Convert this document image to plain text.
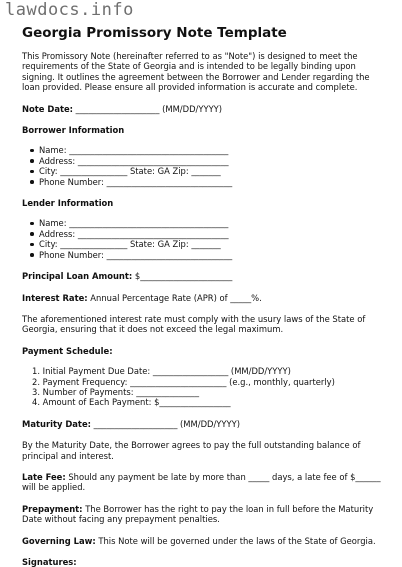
lawdocs.info
Georgia Promissory Note Template

This Promissory Note (hereinafter referred to as "Note") is designed to meet the requirements of the State of Georgia and is intended to be legally binding upon signing. It outlines the agreement between the Borrower and Lender regarding the loan provided. Please ensure all provided information is accurate and complete.

Note Date: ____________________ (MM/DD/YYYY)

Borrower Information

Name: ______________________________________
Address: ____________________________________
City: ________________ State: GA Zip: _______
Phone Number: ______________________________

Lender Information

Name: ______________________________________
Address: ____________________________________
City: ________________ State: GA Zip: _______
Phone Number: ______________________________

Principal Loan Amount: $______________________

Interest Rate: Annual Percentage Rate (APR) of _____%.

The aforementioned interest rate must comply with the usury laws of the State of Georgia, ensuring that it does not exceed the legal maximum.

Payment Schedule:

1. Initial Payment Due Date: __________________ (MM/DD/YYYY)
2. Payment Frequency: _______________________ (e.g., monthly, quarterly)
3. Number of Payments: _______________
4. Amount of Each Payment: $_________________

Maturity Date: ____________________ (MM/DD/YYYY)

By the Maturity Date, the Borrower agrees to pay the full outstanding balance of principal and interest.

Late Fee: Should any payment be late by more than _____ days, a late fee of $______ will be applied.

Prepayment: The Borrower has the right to pay the loan in full before the Maturity Date without facing any prepayment penalties.

Governing Law: This Note will be governed under the laws of the State of Georgia.

Signatures:
